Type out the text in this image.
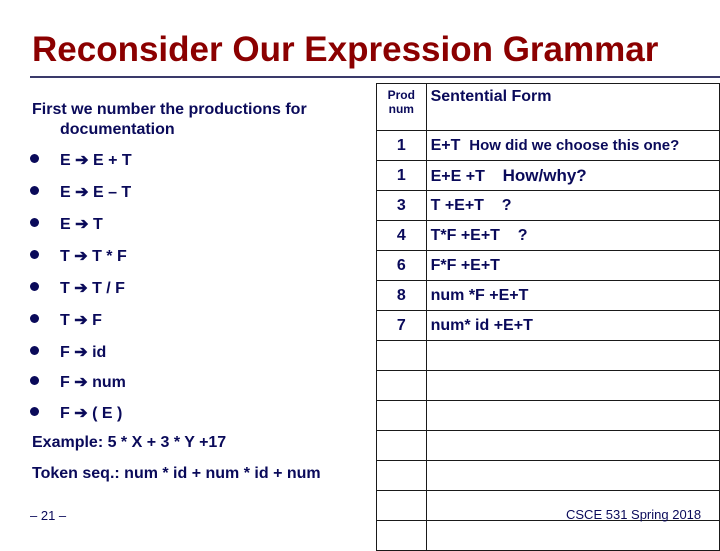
Reconsider Our Expression Grammar
First we number the productions for
documentation
E ➔ E + T
E ➔ E – T
E ➔ T
T ➔ T * F
T ➔ T / F
T ➔ F
F ➔ id
F ➔ num
F ➔ ( E )
Example: 5 * X + 3 * Y +17
Token seq.: num * id + num * id + num
Prod
num	Sentential Form
1	E+T How did we choose this one?
1	E+E +T How/why?
3	T +E+T ?
4	T*F +E+T ?
6	F*F +E+T
8	num *F +E+T
7	num* id +E+T

– 21 –	CSCE 531 Spring 2018
